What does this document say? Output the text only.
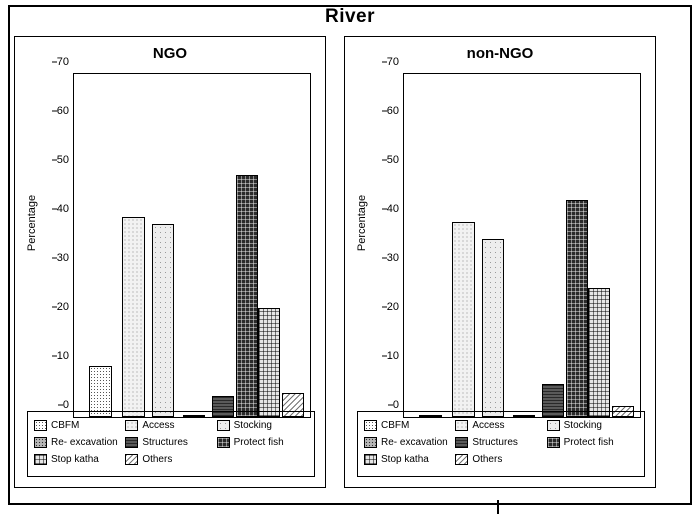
River
NGO
Percentage
0
10
20
30
40
50
60
70
CBFM	Access	Stocking
Re- excavation Structures	Protect fish
Stop katha	Others
non-NGO
Percentage
0
10
20
30
40
50
60
70
CBFM	Access	Stocking
Re- excavation Structures	Protect fish
Stop katha	Others
